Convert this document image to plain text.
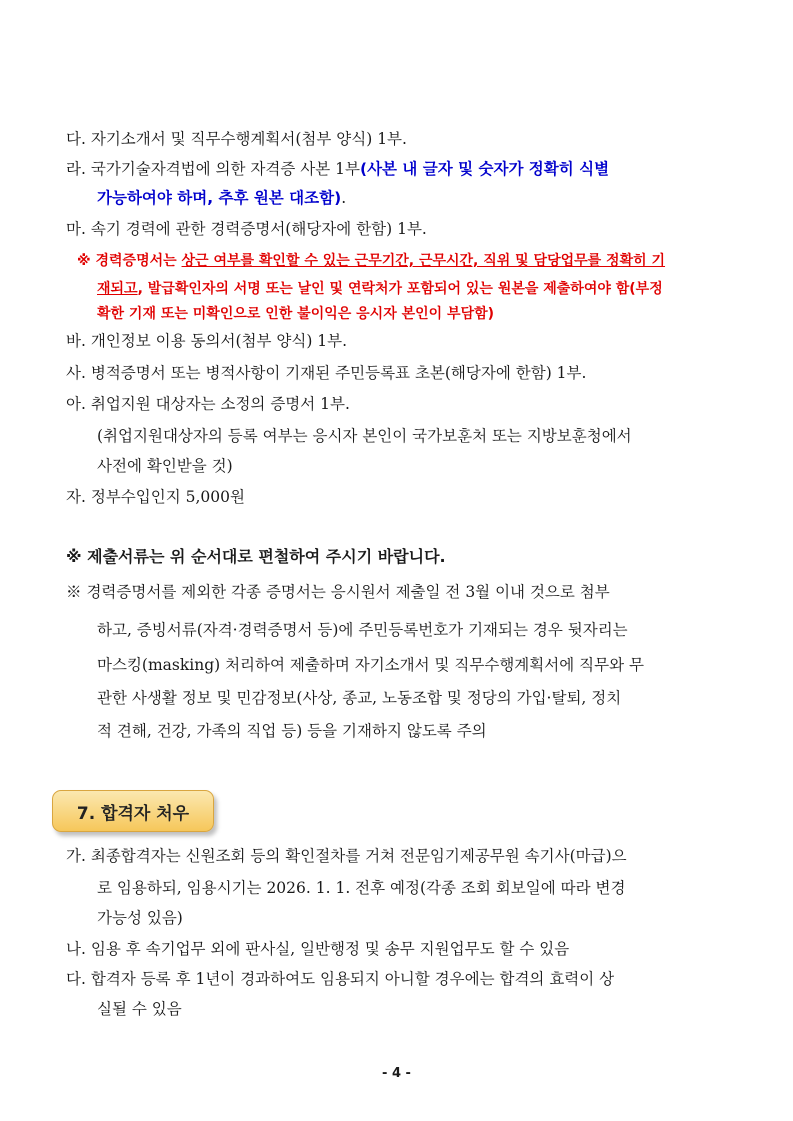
다. 자기소개서 및 직무수행계획서(첨부 양식) 1부.
라. 국가기술자격법에 의한 자격증 사본 1부(사본 내 글자 및 숫자가 정확히 식별
가능하여야 하며, 추후 원본 대조함).
마. 속기 경력에 관한 경력증명서(해당자에 한함) 1부.
※ 경력증명서는 상근 여부를 확인할 수 있는 근무기간, 근무시간, 직위 및 담당업무를 정확히 기
재되고, 발급확인자의 서명 또는 날인 및 연락처가 포함되어 있는 원본을 제출하여야 함(부정
확한 기재 또는 미확인으로 인한 불이익은 응시자 본인이 부담함)
바. 개인정보 이용 동의서(첨부 양식) 1부.
사. 병적증명서 또는 병적사항이 기재된 주민등록표 초본(해당자에 한함) 1부.
아. 취업지원 대상자는 소정의 증명서 1부.
(취업지원대상자의 등록 여부는 응시자 본인이 국가보훈처 또는 지방보훈청에서
사전에 확인받을 것)
자. 정부수입인지 5,000원
※ 제출서류는 위 순서대로 편철하여 주시기 바랍니다.
※ 경력증명서를 제외한 각종 증명서는 응시원서 제출일 전 3월 이내 것으로 첨부
하고, 증빙서류(자격·경력증명서 등)에 주민등록번호가 기재되는 경우 뒷자리는
마스킹(masking) 처리하여 제출하며 자기소개서 및 직무수행계획서에 직무와 무
관한 사생활 정보 및 민감정보(사상, 종교, 노동조합 및 정당의 가입·탈퇴, 정치
적 견해, 건강, 가족의 직업 등) 등을 기재하지 않도록 주의
7. 합격자 처우
가. 최종합격자는 신원조회 등의 확인절차를 거쳐 전문임기제공무원 속기사(마급)으
로 임용하되, 임용시기는 2026. 1. 1. 전후 예정(각종 조회 회보일에 따라 변경
가능성 있음)
나. 임용 후 속기업무 외에 판사실, 일반행정 및 송무 지원업무도 할 수 있음
다. 합격자 등록 후 1년이 경과하여도 임용되지 아니할 경우에는 합격의 효력이 상
실될 수 있음
- 4 -
